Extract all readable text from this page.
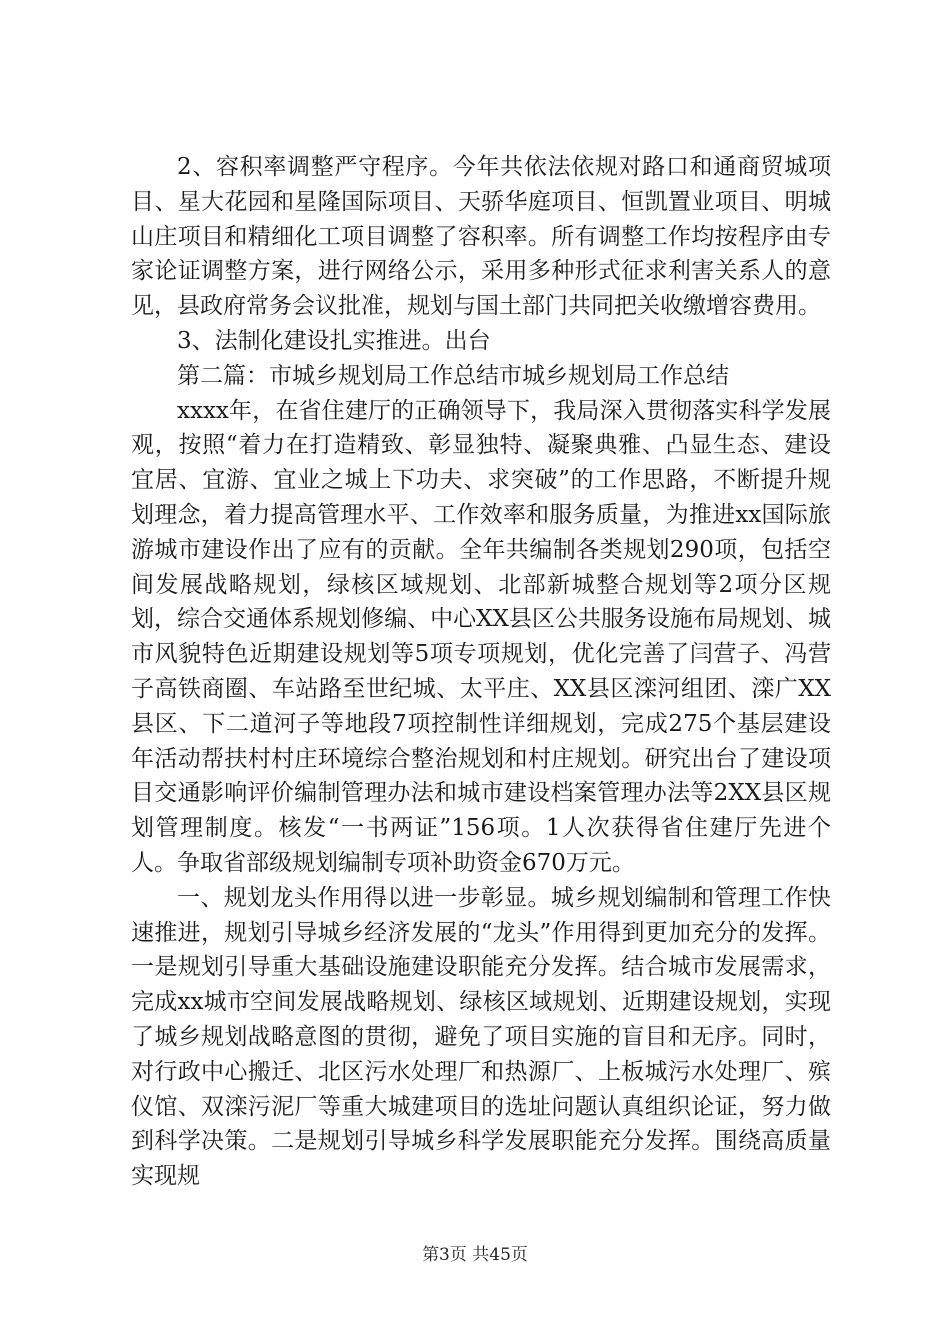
2、容积率调整严守程序。今年共依法依规对路口和通商贸城项目、星大花园和星隆国际项目、天骄华庭项目、恒凯置业项目、明城山庄项目和精细化工项目调整了容积率。所有调整工作均按程序由专家论证调整方案，进行网络公示，采用多种形式征求利害关系人的意见，县政府常务会议批准，规划与国土部门共同把关收缴增容费用。

3、法制化建设扎实推进。出台

第二篇：市城乡规划局工作总结市城乡规划局工作总结

xxxx年，在省住建厅的正确领导下，我局深入贯彻落实科学发展观，按照“着力在打造精致、彰显独特、凝聚典雅、凸显生态、建设宜居、宜游、宜业之城上下功夫、求突破”的工作思路，不断提升规划理念，着力提高管理水平、工作效率和服务质量，为推进xx国际旅游城市建设作出了应有的贡献。全年共编制各类规划290项，包括空间发展战略规划，绿核区域规划、北部新城整合规划等2项分区规划，综合交通体系规划修编、中心XX县区公共服务设施布局规划、城市风貌特色近期建设规划等5项专项规划，优化完善了闫营子、冯营子高铁商圈、车站路至世纪城、太平庄、XX县区滦河组团、滦广XX县区、下二道河子等地段7项控制性详细规划，完成275个基层建设年活动帮扶村村庄环境综合整治规划和村庄规划。研究出台了建设项目交通影响评价编制管理办法和城市建设档案管理办法等2XX县区规划管理制度。核发“一书两证”156项。1人次获得省住建厅先进个人。争取省部级规划编制专项补助资金670万元。

一、规划龙头作用得以进一步彰显。城乡规划编制和管理工作快速推进，规划引导城乡经济发展的“龙头”作用得到更加充分的发挥。一是规划引导重大基础设施建设职能充分发挥。结合城市发展需求，完成xx城市空间发展战略规划、绿核区域规划、近期建设规划，实现了城乡规划战略意图的贯彻，避免了项目实施的盲目和无序。同时，对行政中心搬迁、北区污水处理厂和热源厂、上板城污水处理厂、殡仪馆、双滦污泥厂等重大城建项目的选址问题认真组织论证，努力做到科学决策。二是规划引导城乡科学发展职能充分发挥。围绕高质量实现规

第3页 共45页
